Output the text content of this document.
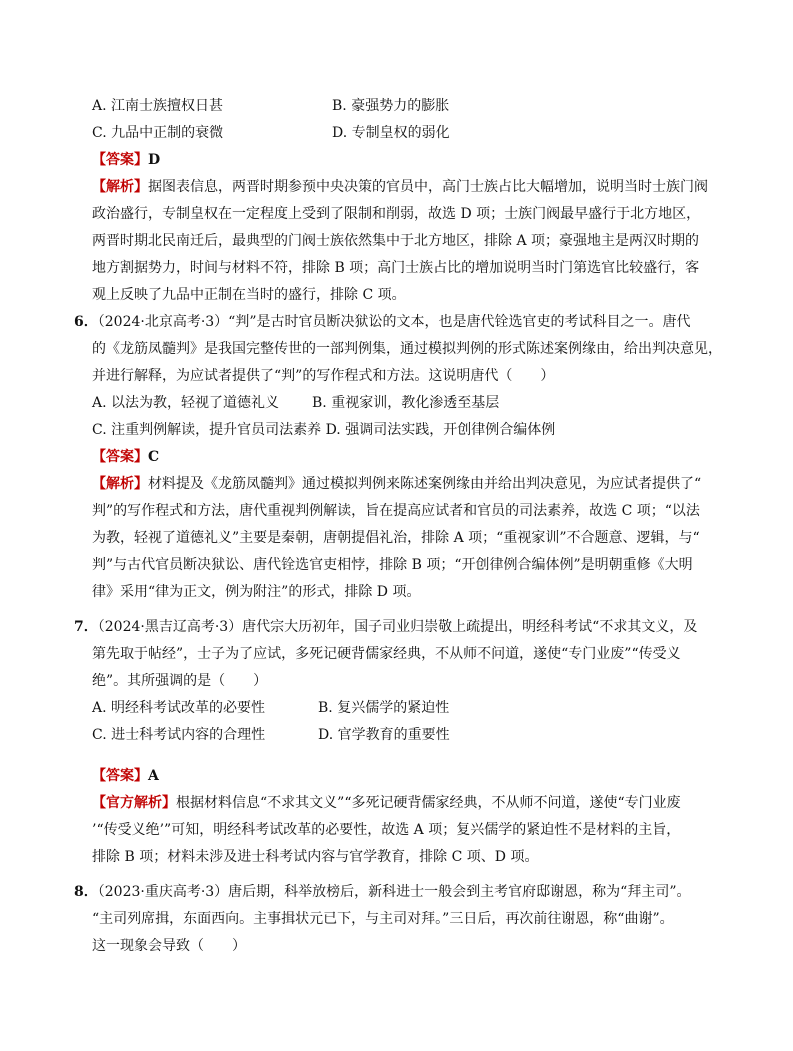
A. 江南士族擅权日甚	B. 豪强势力的膨胀
C. 九品中正制的衰微	D. 专制皇权的弱化
【答案】D
【解析】据图表信息，两晋时期参预中央决策的官员中，高门士族占比大幅增加，说明当时士族门阀
政治盛行，专制皇权在一定程度上受到了限制和削弱，故选 D 项；士族门阀最早盛行于北方地区，
两晋时期北民南迁后，最典型的门阀士族依然集中于北方地区，排除 A 项；豪强地主是两汉时期的
地方割据势力，时间与材料不符，排除 B 项；高门士族占比的增加说明当时门第选官比较盛行，客
观上反映了九品中正制在当时的盛行，排除 C 项。
6．（2024·北京高考·3）“判”是古时官员断决狱讼的文本，也是唐代铨选官吏的考试科目之一。唐代
的《龙筋凤髓判》是我国完整传世的一部判例集，通过模拟判例的形式陈述案例缘由，给出判决意见，
并进行解释，为应试者提供了“判”的写作程式和方法。这说明唐代（　　）
A. 以法为教，轻视了道德礼义 B. 重视家训，教化渗透至基层
C. 注重判例解读，提升官员司法素养 D. 强调司法实践，开创律例合编体例
【答案】C
【解析】材料提及《龙筋凤髓判》通过模拟判例来陈述案例缘由并给出判决意见，为应试者提供了“
判”的写作程式和方法，唐代重视判例解读，旨在提高应试者和官员的司法素养，故选 C 项；“以法
为教，轻视了道德礼义”主要是秦朝，唐朝提倡礼治，排除 A 项；“重视家训”不合题意、逻辑，与“
判”与古代官员断决狱讼、唐代铨选官吏相悖，排除 B 项；“开创律例合编体例”是明朝重修《大明
律》采用“律为正文，例为附注”的形式，排除 D 项。
7．（2024·黑吉辽高考·3）唐代宗大历初年，国子司业归崇敬上疏提出，明经科考试“不求其文义，及
第先取于帖经”，士子为了应试，多死记硬背儒家经典，不从师不问道，遂使“专门业废”“传受义
绝”。其所强调的是（　　）
A. 明经科考试改革的必要性	B. 复兴儒学的紧迫性
C. 进士科考试内容的合理性	D. 官学教育的重要性
【答案】A
【官方解析】根据材料信息“不求其文义”“多死记硬背儒家经典，不从师不问道，遂使“专门业废
’“传受义绝’”可知，明经科考试改革的必要性，故选 A 项；复兴儒学的紧迫性不是材料的主旨，
排除 B 项；材料未涉及进士科考试内容与官学教育，排除 C 项、D 项。
8．（2023·重庆高考·3）唐后期，科举放榜后，新科进士一般会到主考官府邸谢恩，称为“拜主司”。
“主司列席揖，东面西向。主事揖状元已下，与主司对拜。”三日后，再次前往谢恩，称“曲谢”。
这一现象会导致（　　）
